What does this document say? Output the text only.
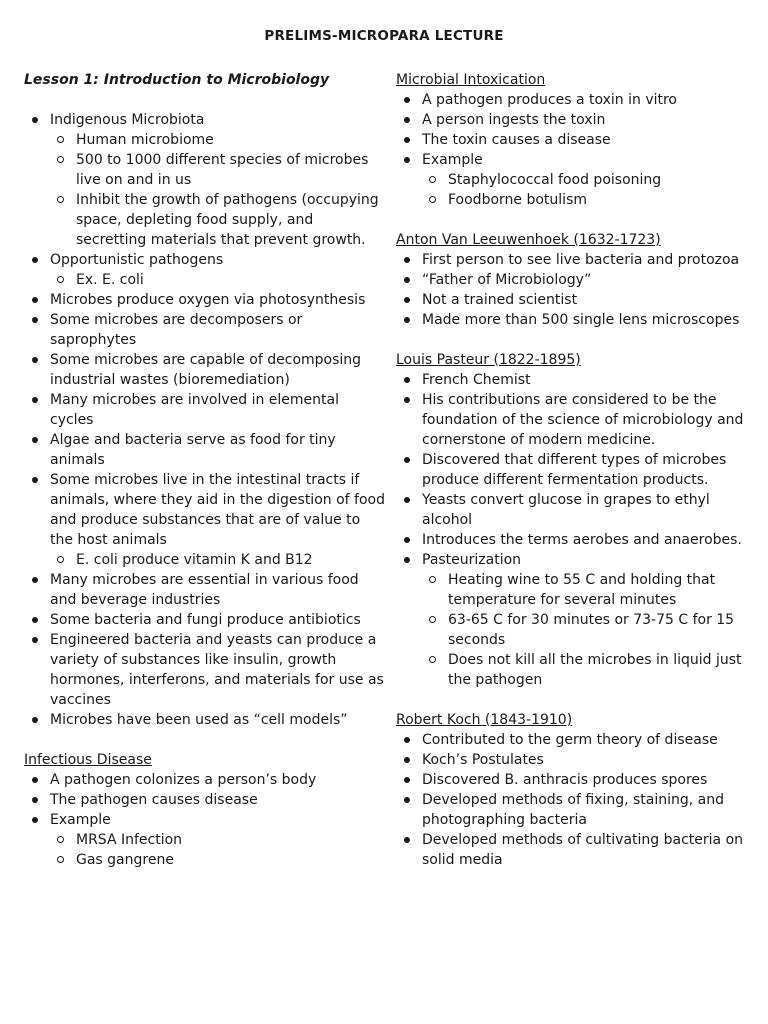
PRELIMS-MICROPARA LECTURE
Lesson 1: Introduction to Microbiology
Indigenous Microbiota
Human microbiome
500 to 1000 different species of microbes live on and in us
Inhibit the growth of pathogens (occupying space, depleting food supply, and secretting materials that prevent growth.
Opportunistic pathogens
Ex. E. coli
Microbes produce oxygen via photosynthesis
Some microbes are decomposers or saprophytes
Some microbes are capable of decomposing industrial wastes (bioremediation)
Many microbes are involved in elemental cycles
Algae and bacteria serve as food for tiny animals
Some microbes live in the intestinal tracts if animals, where they aid in the digestion of food and produce substances that are of value to the host animals
E. coli produce vitamin K and B12
Many microbes are essential in various food and beverage industries
Some bacteria and fungi produce antibiotics
Engineered bacteria and yeasts can produce a variety of substances like insulin, growth hormones, interferons, and materials for use as vaccines
Microbes have been used as “cell models”
Infectious Disease
A pathogen colonizes a person’s body
The pathogen causes disease
Example
MRSA Infection
Gas gangrene
Microbial Intoxication
A pathogen produces a toxin in vitro
A person ingests the toxin
The toxin causes a disease
Example
Staphylococcal food poisoning
Foodborne botulism
Anton Van Leeuwenhoek (1632-1723)
First person to see live bacteria and protozoa
“Father of Microbiology”
Not a trained scientist
Made more than 500 single lens microscopes
Louis Pasteur (1822-1895)
French Chemist
His contributions are considered to be the foundation of the science of microbiology and cornerstone of modern medicine.
Discovered that different types of microbes produce different fermentation products.
Yeasts convert glucose in grapes to ethyl alcohol
Introduces the terms aerobes and anaerobes.
Pasteurization
Heating wine to 55 C and holding that temperature for several minutes
63-65 C for 30 minutes or 73-75 C for 15 seconds
Does not kill all the microbes in liquid just the pathogen
Robert Koch (1843-1910)
Contributed to the germ theory of disease
Koch’s Postulates
Discovered B. anthracis produces spores
Developed methods of fixing, staining, and photographing bacteria
Developed methods of cultivating bacteria on solid media
